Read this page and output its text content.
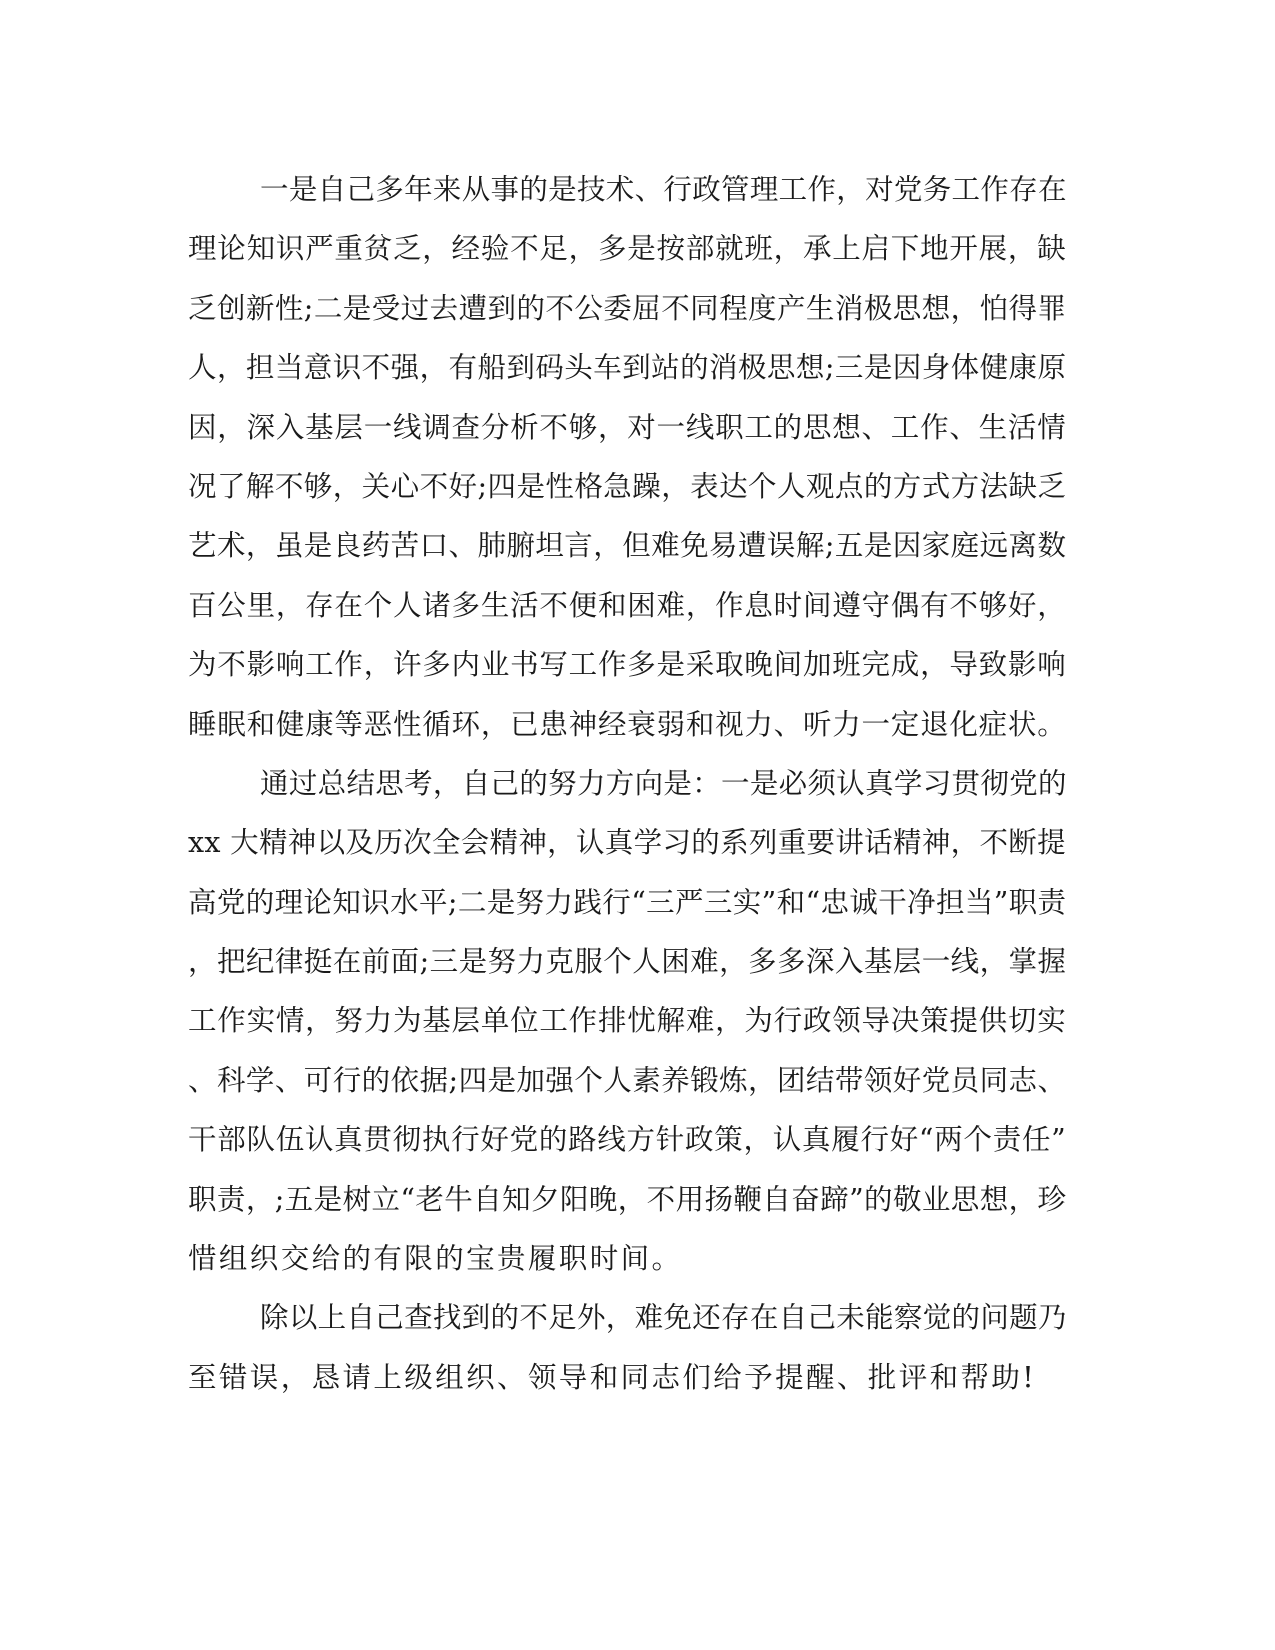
一是自己多年来从事的是技术、行政管理工作，对党务工作存在
理论知识严重贫乏，经验不足，多是按部就班，承上启下地开展，缺
乏创新性;二是受过去遭到的不公委屈不同程度产生消极思想，怕得罪
人，担当意识不强，有船到码头车到站的消极思想;三是因身体健康原
因，深入基层一线调查分析不够，对一线职工的思想、工作、生活情
况了解不够，关心不好;四是性格急躁，表达个人观点的方式方法缺乏
艺术，虽是良药苦口、肺腑坦言，但难免易遭误解;五是因家庭远离数
百公里，存在个人诸多生活不便和困难，作息时间遵守偶有不够好，
为不影响工作，许多内业书写工作多是采取晚间加班完成，导致影响
睡眠和健康等恶性循环，已患神经衰弱和视力、听力一定退化症状。
通过总结思考，自己的努力方向是：一是必须认真学习贯彻党的
xx 大精神以及历次全会精神，认真学习的系列重要讲话精神，不断提
高党的理论知识水平;二是努力践行“三严三实”和“忠诚干净担当”职责
，把纪律挺在前面;三是努力克服个人困难，多多深入基层一线，掌握
工作实情，努力为基层单位工作排忧解难，为行政领导决策提供切实
、科学、可行的依据;四是加强个人素养锻炼，团结带领好党员同志、
干部队伍认真贯彻执行好党的路线方针政策，认真履行好“两个责任”
职责，;五是树立“老牛自知夕阳晚，不用扬鞭自奋蹄”的敬业思想，珍
惜组织交给的有限的宝贵履职时间。
除以上自己查找到的不足外，难免还存在自己未能察觉的问题乃
至错误，恳请上级组织、领导和同志们给予提醒、批评和帮助!
